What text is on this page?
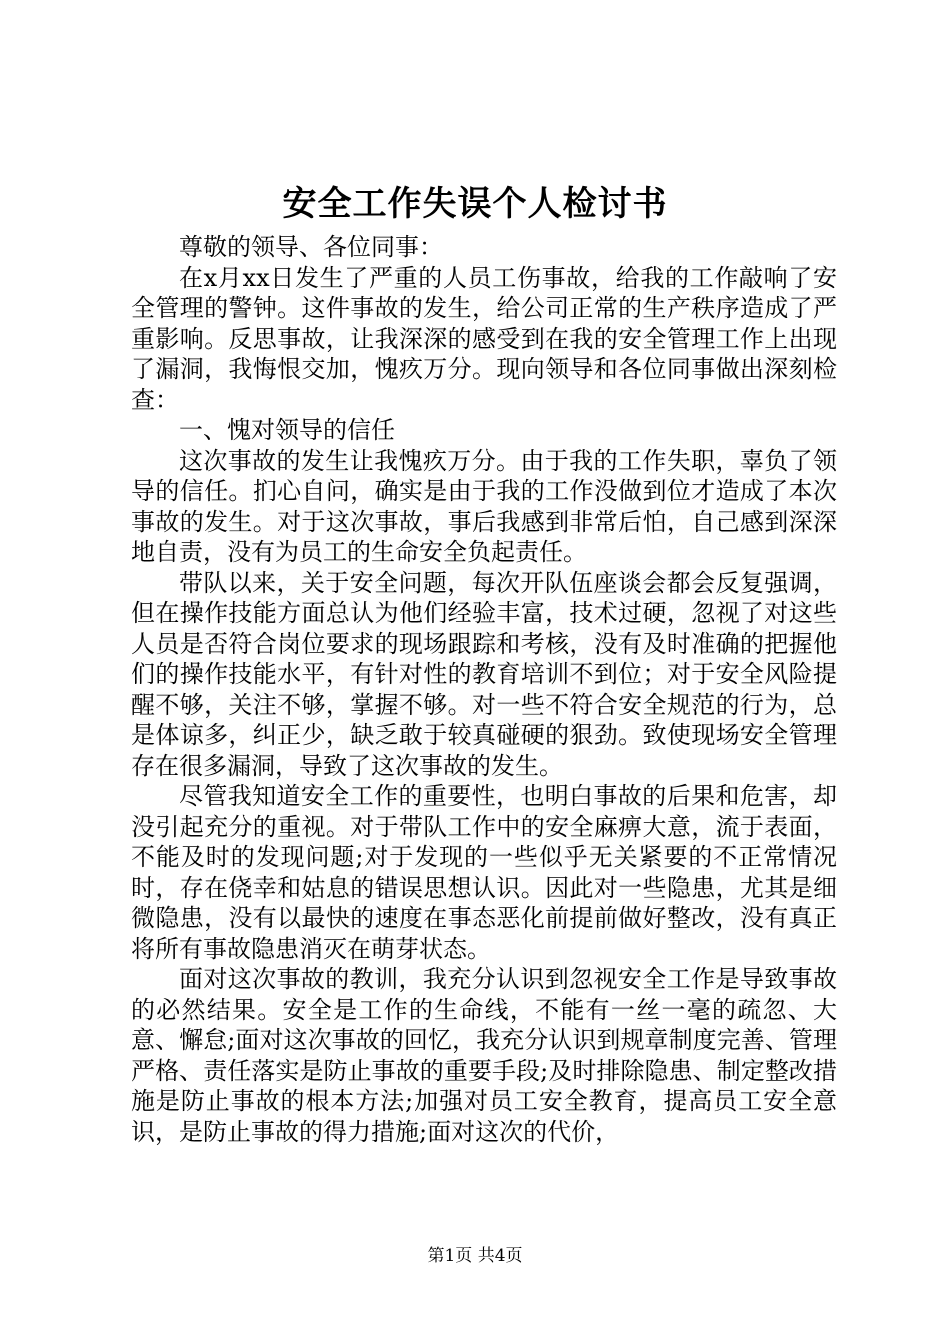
安全工作失误个人检讨书

尊敬的领导、各位同事：

在x月xx日发生了严重的人员工伤事故，给我的工作敲响了安全管理的警钟。这件事故的发生，给公司正常的生产秩序造成了严重影响。反思事故，让我深深的感受到在我的安全管理工作上出现了漏洞，我悔恨交加，愧疚万分。现向领导和各位同事做出深刻检查：

一、愧对领导的信任

这次事故的发生让我愧疚万分。由于我的工作失职，辜负了领导的信任。扪心自问，确实是由于我的工作没做到位才造成了本次事故的发生。对于这次事故，事后我感到非常后怕，自己感到深深地自责，没有为员工的生命安全负起责任。

带队以来，关于安全问题，每次开队伍座谈会都会反复强调，但在操作技能方面总认为他们经验丰富，技术过硬，忽视了对这些人员是否符合岗位要求的现场跟踪和考核，没有及时准确的把握他们的操作技能水平，有针对性的教育培训不到位；对于安全风险提醒不够，关注不够，掌握不够。对一些不符合安全规范的行为，总是体谅多，纠正少，缺乏敢于较真碰硬的狠劲。致使现场安全管理存在很多漏洞，导致了这次事故的发生。

尽管我知道安全工作的重要性，也明白事故的后果和危害，却没引起充分的重视。对于带队工作中的安全麻痹大意，流于表面，不能及时的发现问题;对于发现的一些似乎无关紧要的不正常情况时，存在侥幸和姑息的错误思想认识。因此对一些隐患，尤其是细微隐患，没有以最快的速度在事态恶化前提前做好整改，没有真正将所有事故隐患消灭在萌芽状态。

面对这次事故的教训，我充分认识到忽视安全工作是导致事故的必然结果。安全是工作的生命线，不能有一丝一毫的疏忽、大意、懈怠;面对这次事故的回忆，我充分认识到规章制度完善、管理严格、责任落实是防止事故的重要手段;及时排除隐患、制定整改措施是防止事故的根本方法;加强对员工安全教育，提高员工安全意识，是防止事故的得力措施;面对这次的代价，

第1页 共4页
